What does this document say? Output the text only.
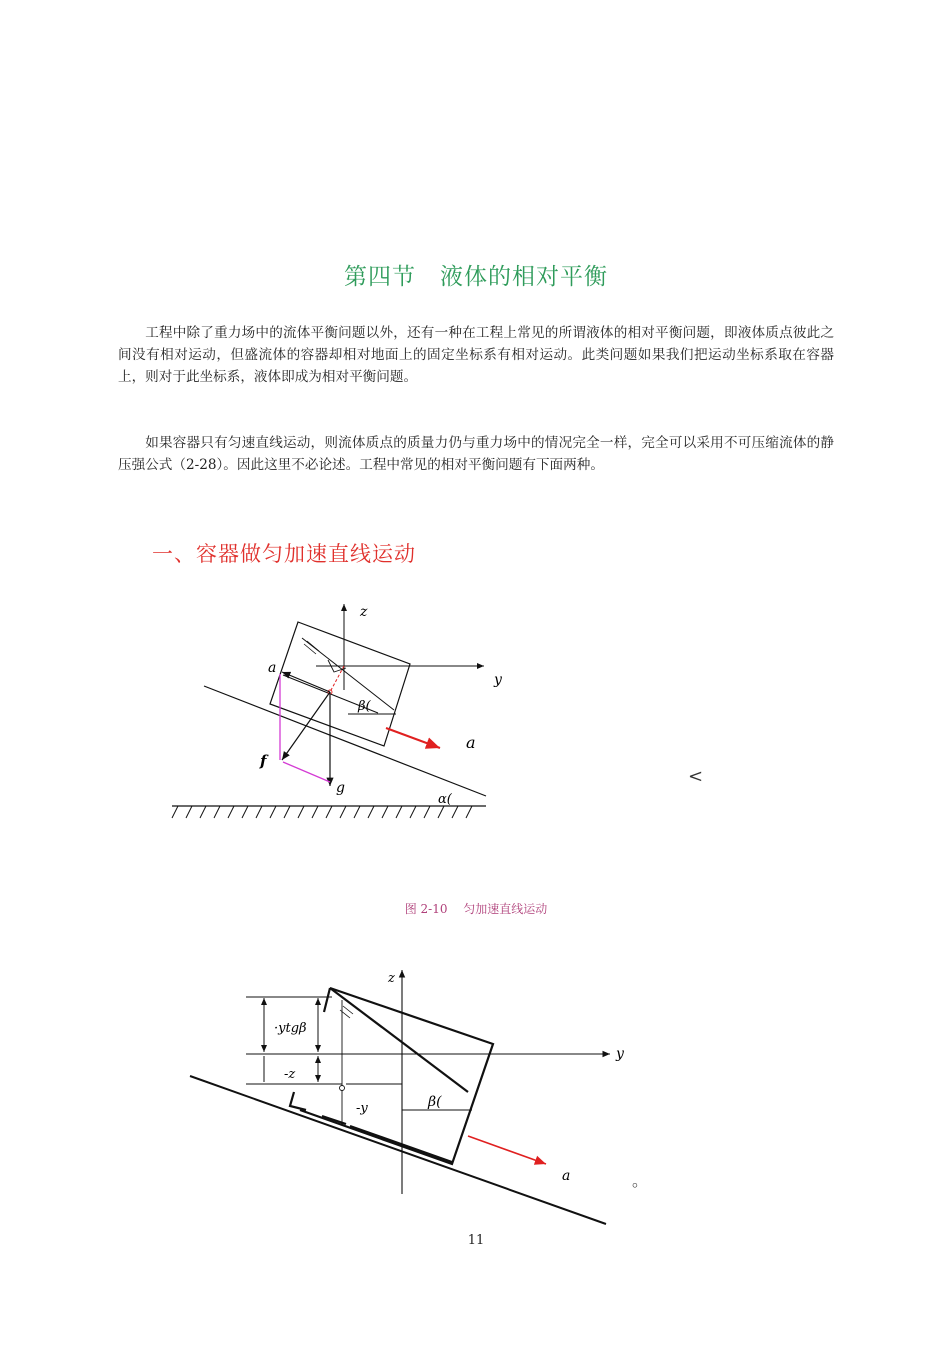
第四节　液体的相对平衡

工程中除了重力场中的流体平衡问题以外，还有一种在工程上常见的所谓液体的相对平衡问题，即液体质点彼此之间没有相对运动，但盛流体的容器却相对地面上的固定坐标系有相对运动。此类问题如果我们把运动坐标系取在容器上，则对于此坐标系，液体即成为相对平衡问题。

如果容器只有匀速直线运动，则流体质点的质量力仍与重力场中的情况完全一样，完全可以采用不可压缩流体的静压强公式（2-28）。因此这里不必论述。工程中常见的相对平衡问题有下面两种。

一、容器做匀加速直线运动
z
y
a
β(
a
f
g
α(
图 2-10　 匀加速直线运动
z
y
·ytgβ
-z
-y	β(
a
<
。
11
